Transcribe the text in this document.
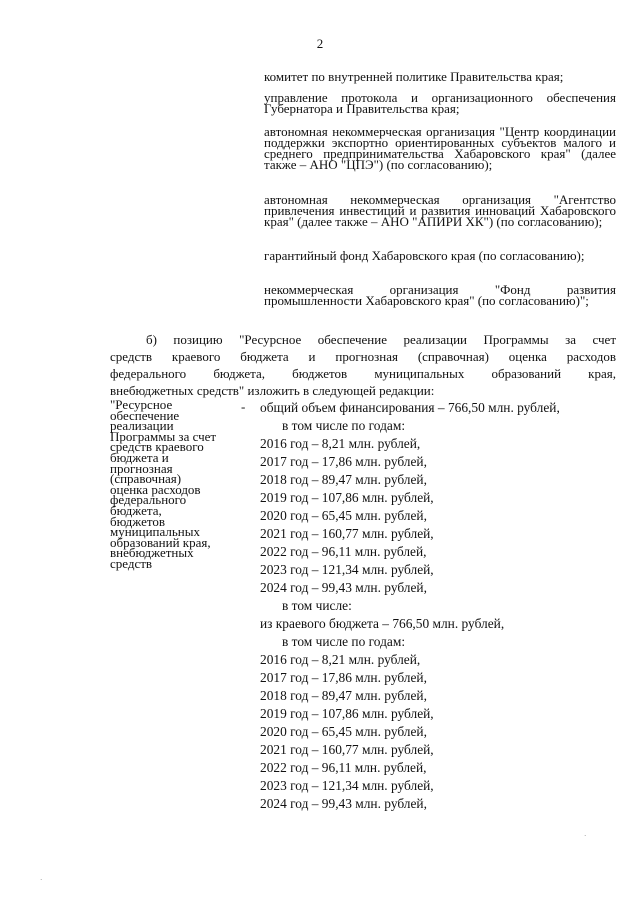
2
комитет по внутренней политике Правительства края;
управление протокола и организационного обеспечения Губернатора и Правительства края;
автономная некоммерческая организация "Центр координации поддержки экспортно ориентированных субъектов малого и среднего предпринимательства Хабаровского края" (далее также – АНО "ЦПЭ") (по согласованию);
автономная некоммерческая организация "Агентство привлечения инвестиций и развития инноваций Хабаровского края" (далее также – АНО "АПИРИ ХК") (по согласованию);
гарантийный фонд Хабаровского края (по согласованию);
некоммерческая организация "Фонд развития промышленности Хабаровского края" (по согласованию)";
б) позицию "Ресурсное обеспечение реализации Программы за счет
средств краевого бюджета и прогнозная (справочная) оценка расходов
федерального бюджета, бюджетов муниципальных образований края,
внебюджетных средств" изложить в следующей редакции:
"Ресурсное
обеспечение
реализации
Программы за счет
средств краевого
бюджета и
прогнозная
(справочная)
оценка расходов
федерального
бюджета,
бюджетов
муниципальных
образований края,
внебюджетных
средств
- общий объем финансирования – 766,50 млн. рублей,
в том числе по годам:
2016 год – 8,21 млн. рублей,
2017 год – 17,86 млн. рублей,
2018 год – 89,47 млн. рублей,
2019 год – 107,86 млн. рублей,
2020 год – 65,45 млн. рублей,
2021 год – 160,77 млн. рублей,
2022 год – 96,11 млн. рублей,
2023 год – 121,34 млн. рублей,
2024 год – 99,43 млн. рублей,
в том числе:
из краевого бюджета – 766,50 млн. рублей,
в том числе по годам:
2016 год – 8,21 млн. рублей,
2017 год – 17,86 млн. рублей,
2018 год – 89,47 млн. рублей,
2019 год – 107,86 млн. рублей,
2020 год – 65,45 млн. рублей,
2021 год – 160,77 млн. рублей,
2022 год – 96,11 млн. рублей,
2023 год – 121,34 млн. рублей,
2024 год – 99,43 млн. рублей,
·
·
